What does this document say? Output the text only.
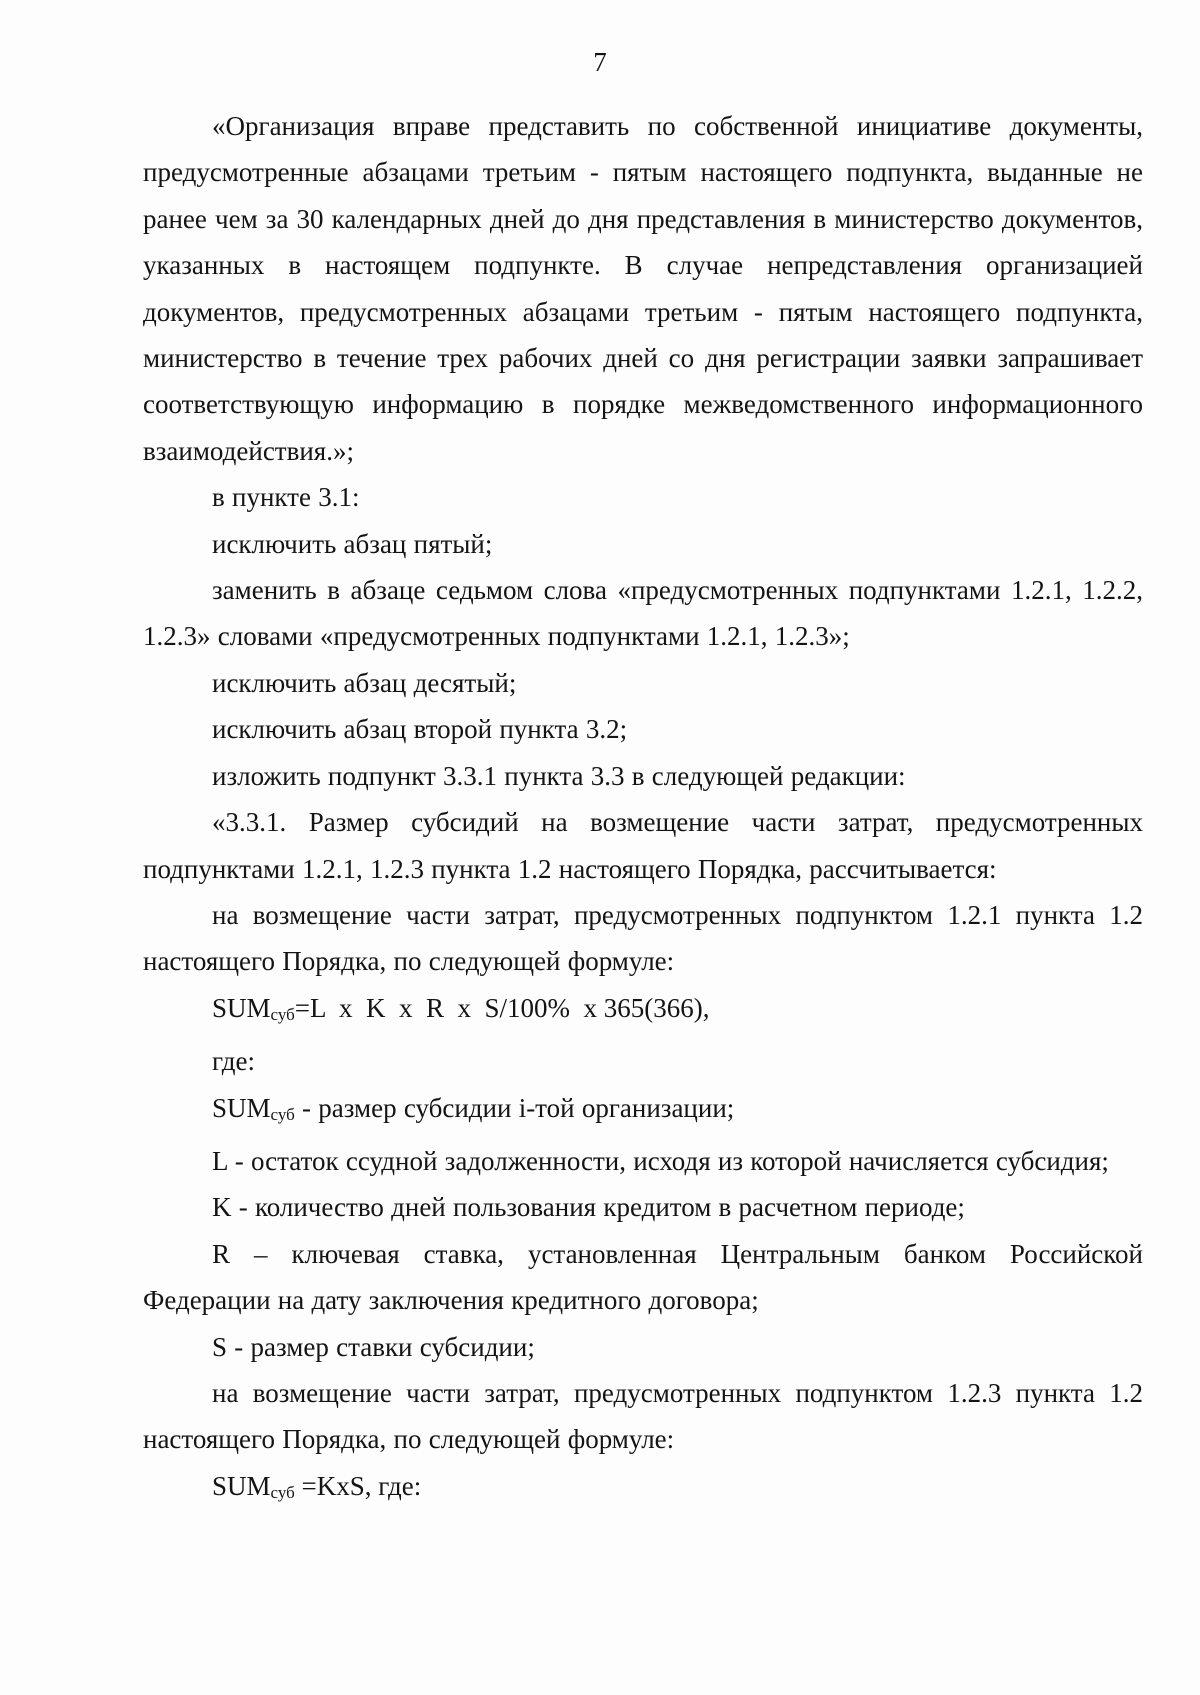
7

«Организация вправе представить по собственной инициативе документы, предусмотренные абзацами третьим - пятым настоящего подпункта, выданные не ранее чем за 30 календарных дней до дня представления в министерство документов, указанных в настоящем подпункте. В случае непредставления организацией документов, предусмотренных абзацами третьим - пятым настоящего подпункта, министерство в течение трех рабочих дней со дня регистрации заявки запрашивает соответствующую информацию в порядке межведомственного информационного взаимодействия.»;

в пункте 3.1:

исключить абзац пятый;

заменить в абзаце седьмом слова «предусмотренных подпунктами 1.2.1, 1.2.2, 1.2.3» словами «предусмотренных подпунктами 1.2.1, 1.2.3»;

исключить абзац десятый;

исключить абзац второй пункта 3.2;

изложить подпункт 3.3.1 пункта 3.3 в следующей редакции:

«3.3.1. Размер субсидий на возмещение части затрат, предусмотренных подпунктами 1.2.1, 1.2.3 пункта 1.2 настоящего Порядка, рассчитывается:

на возмещение части затрат, предусмотренных подпунктом 1.2.1 пункта 1.2 настоящего Порядка, по следующей формуле:

SUMсуб=L  x  K  x  R  x  S/100%  x 365(366),

где:

SUMсуб - размер субсидии i-той организации;

L - остаток ссудной задолженности, исходя из которой начисляется субсидия;

K - количество дней пользования кредитом в расчетном периоде;

R – ключевая ставка, установленная Центральным банком Российской Федерации на дату заключения кредитного договора;

S - размер ставки субсидии;

на возмещение части затрат, предусмотренных подпунктом 1.2.3 пункта 1.2 настоящего Порядка, по следующей формуле:

SUMсуб =KxS, где:
